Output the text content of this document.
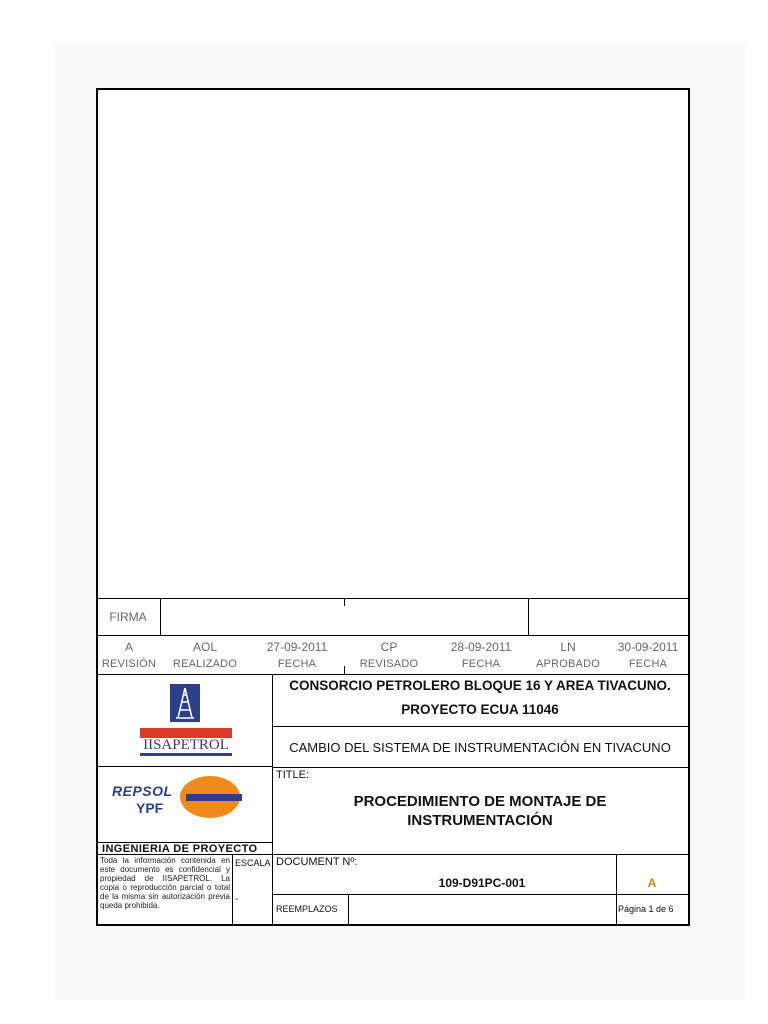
FIRMA
A	AOL	27-09-2011	CP	28-09-2011	LN	30-09-2011
REVISIÓN	REALIZADO	FECHA	REVISADO	FECHA	APROBADO	FECHA
IISAPETROL
REPSOL
YPF
INGENIERIA DE PROYECTO
CONSORCIO PETROLERO BLOQUE 16 Y AREA TIVACUNO.
PROYECTO ECUA 11046
CAMBIO DEL SISTEMA DE INSTRUMENTACIÓN EN TIVACUNO
TITLE:
PROCEDIMIENTO DE MONTAJE DE
INSTRUMENTACIÓN
Toda la información contenida en este documento es confidencial y propiedad de IISAPETROL. La copia o reproducción parcial o total de la misma sin autorización previa queda prohibida.
ESCALA
-
DOCUMENT Nº:
109-D91PC-001	A
REEMPLAZOS	Página 1 de 6
